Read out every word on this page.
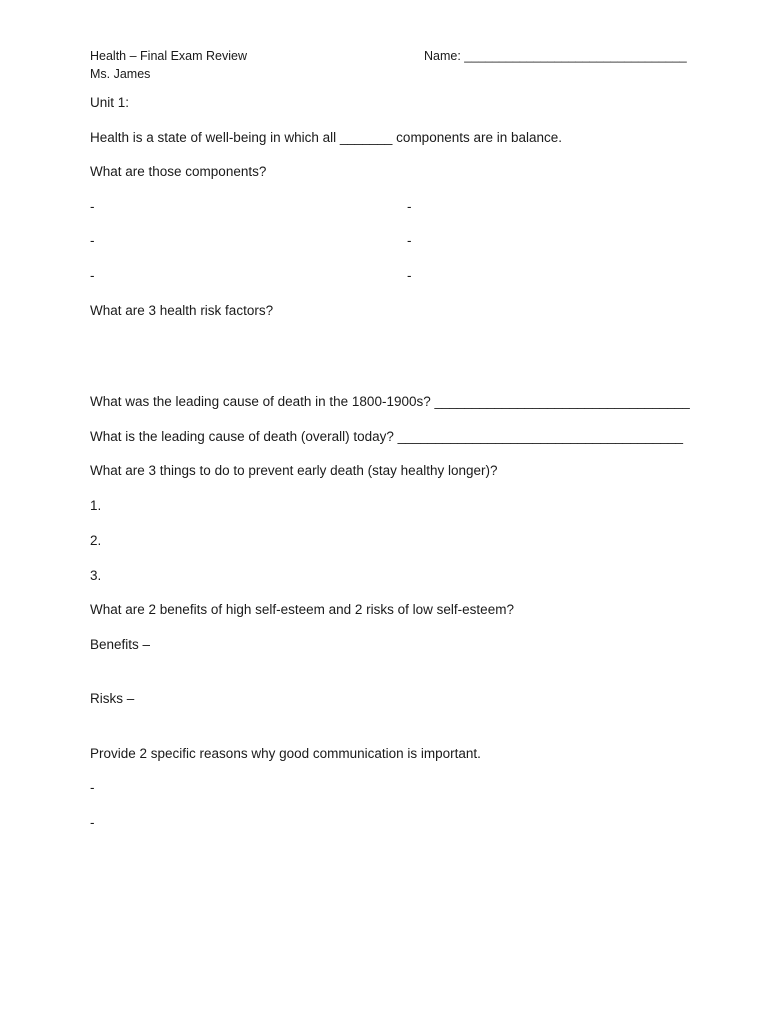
Health – Final Exam Review	Name: ________________________________
Ms. James
Unit 1:
Health is a state of well-being in which all _______ components are in balance.
What are those components?
-	-
-	-
-	-
What are 3 health risk factors?
What was the leading cause of death in the 1800-1900s? __________________________________
What is the leading cause of death (overall) today? ______________________________________
What are 3 things to do to prevent early death (stay healthy longer)?
1.
2.
3.
What are 2 benefits of high self-esteem and 2 risks of low self-esteem?
Benefits –
Risks –
Provide 2 specific reasons why good communication is important.
-
-
